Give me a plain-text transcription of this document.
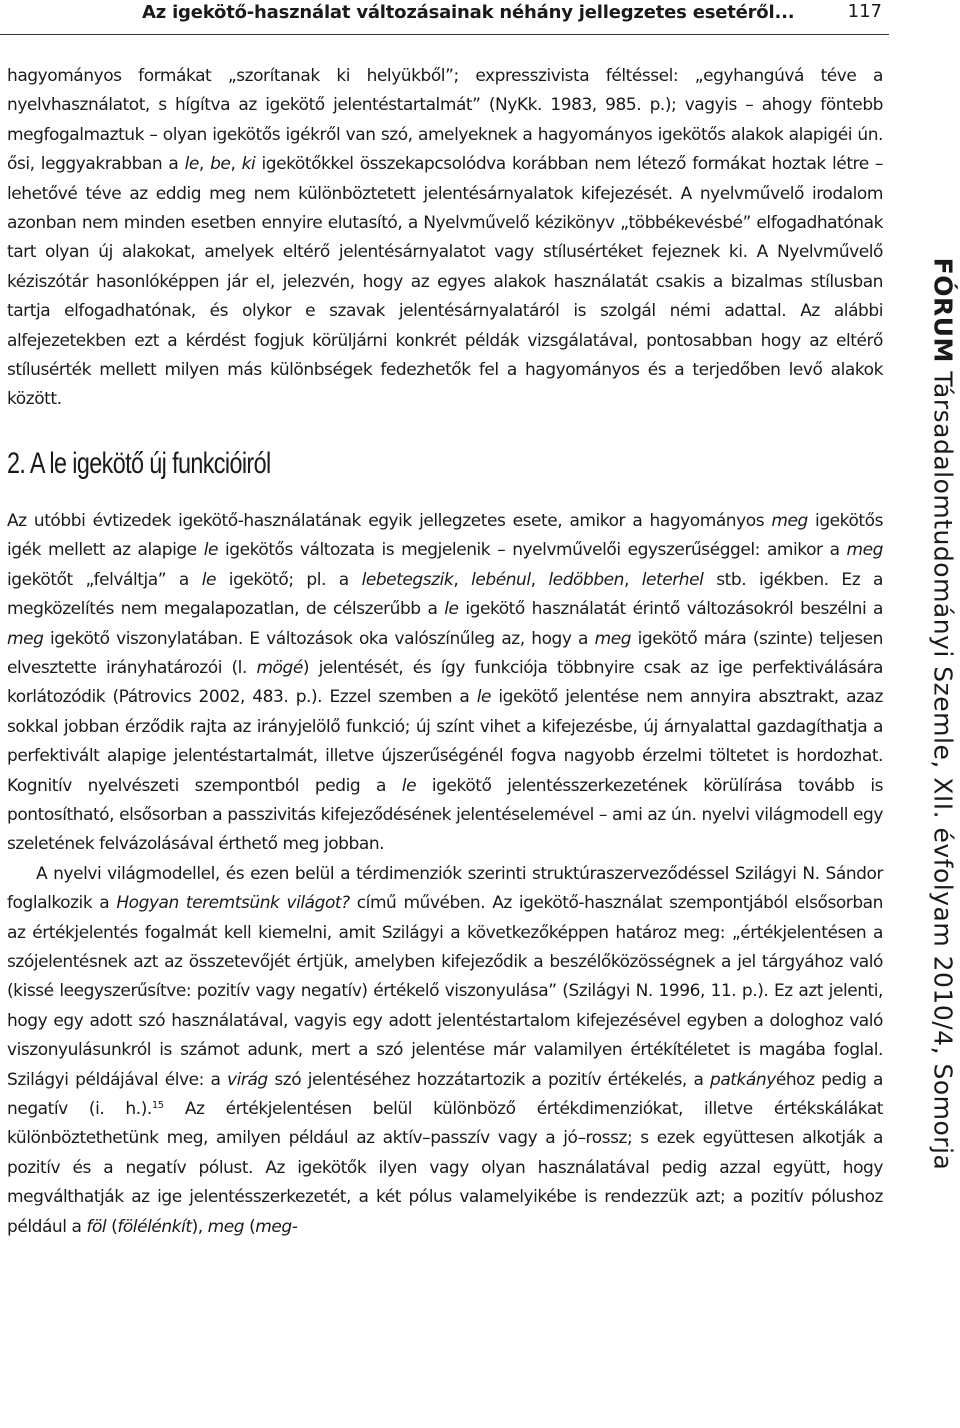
Az igekötő-használat változásainak néhány jellegzetes esetéről...	117

hagyományos formákat „szorítanak ki helyükből”; expresszivista féltéssel: „egyhangúvá téve a nyelvhasználatot, s hígítva az igekötő jelentéstartalmát” (NyKk. 1983, 985. p.); vagyis – ahogy föntebb megfogalmaztuk – olyan igekötős igékről van szó, amelyeknek a hagyományos igekötős alakok alapigéi ún. ősi, leggyakrabban a le, be, ki igekötőkkel összekapcsolódva korábban nem létező formákat hoztak létre – lehetővé téve az eddig meg nem különböztetett jelentésárnyalatok kifejezését. A nyelvművelő irodalom azonban nem minden esetben ennyire elutasító, a Nyelvművelő kézikönyv „többékevésbé” elfogadhatónak tart olyan új alakokat, amelyek eltérő jelentésárnyalatot vagy stílusértéket fejeznek ki. A Nyelvművelő kéziszótár hasonlóképpen jár el, jelezvén, hogy az egyes alakok használatát csakis a bizalmas stílusban tartja elfogadhatónak, és olykor e szavak jelentésárnyalatáról is szolgál némi adattal. Az alábbi alfejezetekben ezt a kérdést fogjuk körüljárni konkrét példák vizsgálatával, pontosabban hogy az eltérő stílusérték mellett milyen más különbségek fedezhetők fel a hagyományos és a terjedőben levő alakok között.

2. A le igekötő új funkcióiról

Az utóbbi évtizedek igekötő-használatának egyik jellegzetes esete, amikor a hagyományos meg igekötős igék mellett az alapige le igekötős változata is megjelenik – nyelvművelői egyszerűséggel: amikor a meg igekötőt „felváltja” a le igekötő; pl. a lebetegszik, lebénul, ledöbben, leterhel stb. igékben. Ez a megközelítés nem megalapozatlan, de célszerűbb a le igekötő használatát érintő változásokról beszélni a meg igekötő viszonylatában. E változások oka valószínűleg az, hogy a meg igekötő mára (szinte) teljesen elvesztette irányhatározói (l. mögé) jelentését, és így funkciója többnyire csak az ige perfektiválására korlátozódik (Pátrovics 2002, 483. p.). Ezzel szemben a le igekötő jelentése nem annyira absztrakt, azaz sokkal jobban érződik rajta az irányjelölő funkció; új színt vihet a kifejezésbe, új árnyalattal gazdagíthatja a perfektivált alapige jelentéstartalmát, illetve újszerűségénél fogva nagyobb érzelmi töltetet is hordozhat. Kognitív nyelvészeti szempontból pedig a le igekötő jelentésszerkezetének körülírása tovább is pontosítható, elsősorban a passzivitás kifejeződésének jelentéselemével – ami az ún. nyelvi világmodell egy szeletének felvázolásával érthető meg jobban.

A nyelvi világmodellel, és ezen belül a térdimenziók szerinti struktúraszerveződéssel Szilágyi N. Sándor foglalkozik a Hogyan teremtsünk világot? című művében. Az igekötő-használat szempontjából elsősorban az értékjelentés fogalmát kell kiemelni, amit Szilágyi a következőképpen határoz meg: „értékjelentésen a szójelentésnek azt az összetevőjét értjük, amelyben kifejeződik a beszélőközösségnek a jel tárgyához való (kissé leegyszerűsítve: pozitív vagy negatív) értékelő viszonyulása” (Szilágyi N. 1996, 11. p.). Ez azt jelenti, hogy egy adott szó használatával, vagyis egy adott jelentéstartalom kifejezésével egyben a dologhoz való viszonyulásunkról is számot adunk, mert a szó jelentése már valamilyen értékítéletet is magába foglal. Szilágyi példájával élve: a virág szó jelentéséhez hozzátartozik a pozitív értékelés, a patkányéhoz pedig a negatív (i. h.).$^{15}$ Az értékjelentésen belül különböző értékdimenziókat, illetve értékskálákat különböztethetünk meg, amilyen például az aktív–passzív vagy a jó–rossz; s ezek együttesen alkotják a pozitív és a negatív pólust. Az igekötők ilyen vagy olyan használatával pedig azzal együtt, hogy megválthatják az ige jelentésszerkezetét, a két pólus valamelyikébe is rendezzük azt; a pozitív pólushoz például a föl (fölélénkít), meg (meg-

FÓRUM Társadalomtudományi Szemle, XII. évfolyam 2010/4, Somorja
